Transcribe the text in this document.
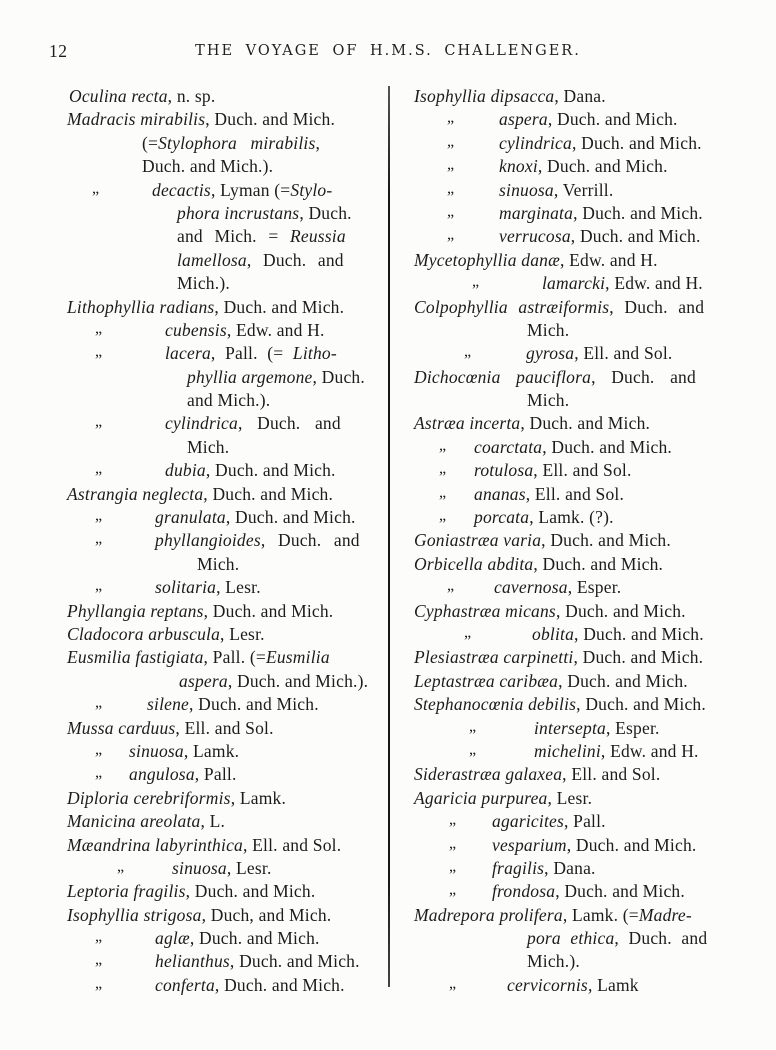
12	THE VOYAGE OF H.M.S. CHALLENGER.
Oculina recta, n. sp.
Madracis mirabilis, Duch. and Mich.
(=Stylophora mirabilis,
Duch. and Mich.).
„	decactis, Lyman (=Stylo-
phora incrustans, Duch.
and Mich. = Reussia
lamellosa, Duch. and
Mich.).
Lithophyllia radians, Duch. and Mich.
„	cubensis, Edw. and H.
„	lacera, Pall. (= Litho-
phyllia argemone, Duch.
and Mich.).
„	cylindrica, Duch. and
Mich.
„	dubia, Duch. and Mich.
Astrangia neglecta, Duch. and Mich.
„	granulata, Duch. and Mich.
„	phyllangioides, Duch. and
Mich.
„	solitaria, Lesr.
Phyllangia reptans, Duch. and Mich.
Cladocora arbuscula, Lesr.
Eusmilia fastigiata, Pall. (=Eusmilia
aspera, Duch. and Mich.).
„	silene, Duch. and Mich.
Mussa carduus, Ell. and Sol.
„ sinuosa, Lamk.
„ angulosa, Pall.
Diploria cerebriformis, Lamk.
Manicina areolata, L.
Mæandrina labyrinthica, Ell. and Sol.
„	sinuosa, Lesr.
Leptoria fragilis, Duch. and Mich.
Isophyllia strigosa, Duch, and Mich.
„	aglæ, Duch. and Mich.
„	helianthus, Duch. and Mich.
„	conferta, Duch. and Mich.
Isophyllia dipsacca, Dana.
„	aspera, Duch. and Mich.
„	cylindrica, Duch. and Mich.
„	knoxi, Duch. and Mich.
„	sinuosa, Verrill.
„	marginata, Duch. and Mich.
„	verrucosa, Duch. and Mich.
Mycetophyllia danæ, Edw. and H.
„	lamarcki, Edw. and H.
Colpophyllia astræiformis, Duch. and
Mich.
„	gyrosa, Ell. and Sol.
Dichocœnia pauciflora, Duch. and
Mich.
Astræa incerta, Duch. and Mich.
„ coarctata, Duch. and Mich.
„ rotulosa, Ell. and Sol.
„ ananas, Ell. and Sol.
„ porcata, Lamk. (?).
Goniastræa varia, Duch. and Mich.
Orbicella abdita, Duch. and Mich.
„ cavernosa, Esper.
Cyphastræa micans, Duch. and Mich.
„	oblita, Duch. and Mich.
Plesiastræa carpinetti, Duch. and Mich.
Leptastræa caribæa, Duch. and Mich.
Stephanocœnia debilis, Duch. and Mich.
„	intersepta, Esper.
„	michelini, Edw. and H.
Siderastræa galaxea, Ell. and Sol.
Agaricia purpurea, Lesr.
„ agaricites, Pall.
„ vesparium, Duch. and Mich.
„ fragilis, Dana.
„ frondosa, Duch. and Mich.
Madrepora prolifera, Lamk. (=Madre-
pora ethica, Duch. and
Mich.).
„	cervicornis, Lamk
